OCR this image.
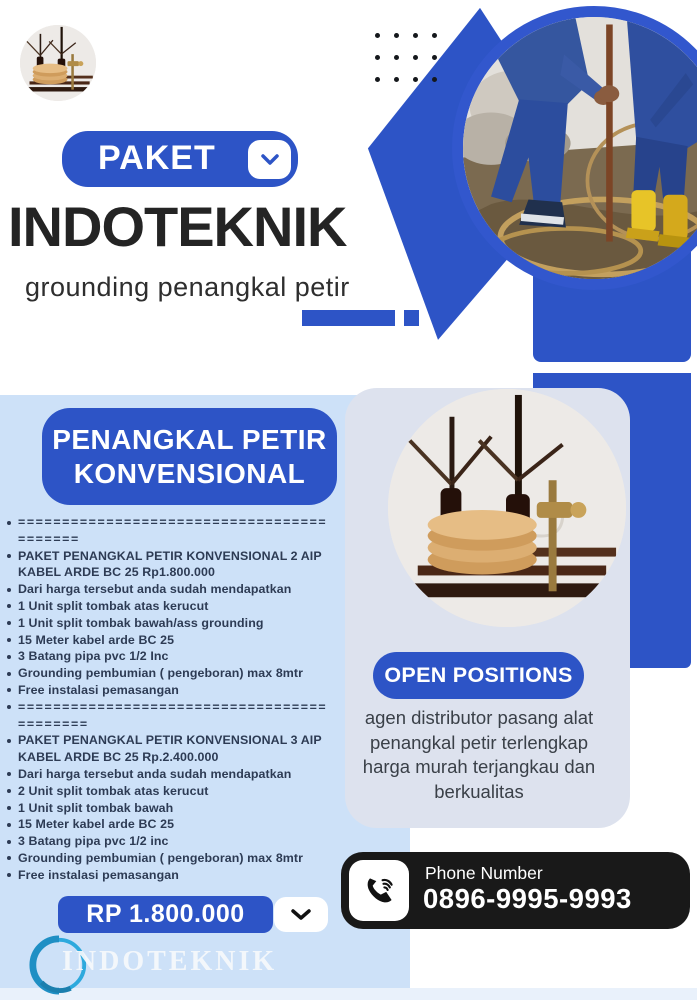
PAKET
INDOTEKNIK
grounding penangkal petir
PENANGKAL PETIR
KONVENSIONAL
==========================================
PAKET PENANGKAL PETIR KONVENSIONAL 2 AIP KABEL ARDE BC 25 Rp1.800.000
Dari harga tersebut anda sudah mendapatkan
1 Unit split tombak atas kerucut
1 Unit split tombak bawah/ass grounding
15 Meter kabel arde BC 25
3 Batang pipa pvc 1/2 Inc
Grounding pembumian ( pengeboran) max 8mtr
Free instalasi pemasangan
===========================================
PAKET PENANGKAL PETIR KONVENSIONAL 3 AIP KABEL ARDE BC 25 Rp.2.400.000
Dari harga tersebut anda sudah mendapatkan
2 Unit split tombak atas kerucut
1 Unit split tombak bawah
15 Meter kabel arde BC 25
3 Batang pipa pvc 1/2 inc
Grounding pembumian ( pengeboran) max 8mtr
Free instalasi pemasangan
OPEN POSITIONS
agen distributor pasang alat penangkal petir terlengkap harga murah terjangkau dan berkualitas
Phone Number
0896-9995-9993
RP 1.800.000
INDOTEKNIK
